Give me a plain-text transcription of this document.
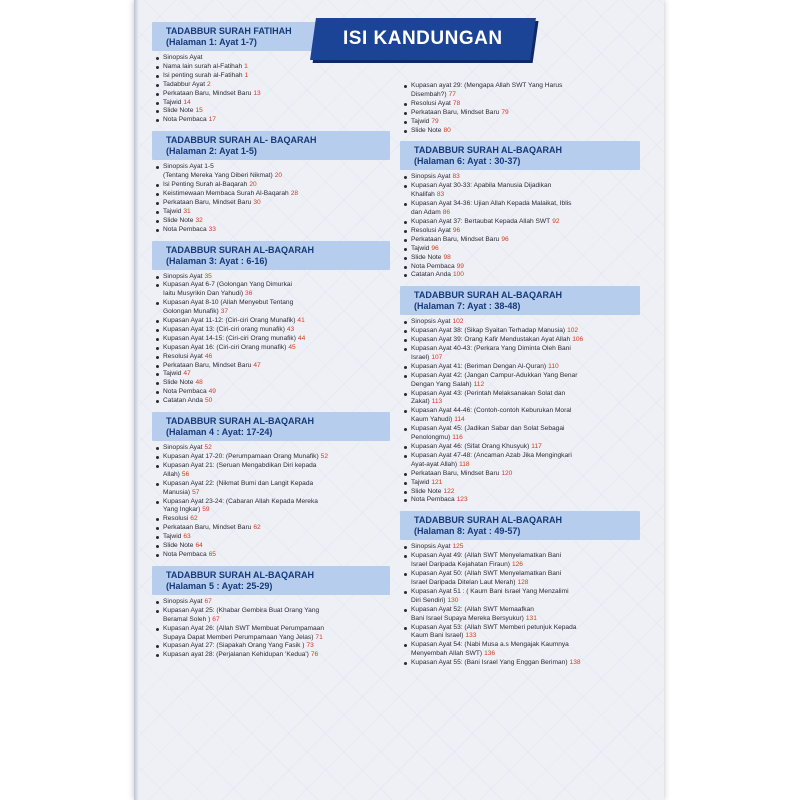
TADABBUR SURAH FATIHAH
(Halaman 1: Ayat 1-7)
Sinopsis Ayat
Nama lain surah al-Fatihah 1
Isi penting surah al-Fatihah 1
Tadabbur Ayat 2
Perkataan Baru, Mindset Baru 13
Tajwid 14
Slide Note 15
Nota Pembaca 17
TADABBUR SURAH AL- BAQARAH
(Halaman 2: Ayat 1-5)
Sinopsis Ayat 1-5
(Tentang Mereka Yang Diberi Nikmat) 20
Isi Penting Surah al-Baqarah 20
Keistimewaan Membaca Surah Al-Baqarah 28
Perkataan Baru, Mindset Baru 30
Tajwid 31
Slide Note 32
Nota Pembaca 33
TADABBUR SURAH AL-BAQARAH
(Halaman 3: Ayat : 6-16)
Sinopsis Ayat 35
Kupasan Ayat 6-7 (Golongan Yang Dimurkai
Iaitu Musyrikin Dan Yahudi) 36
Kupasan Ayat 8-10 (Allah Menyebut Tentang
Golongan Munafik) 37
Kupasan Ayat 11-12: (Ciri-ciri Orang Munafik) 41
Kupasan Ayat 13: (Ciri-ciri orang munafik) 43
Kupasan Ayat 14-15: (Ciri-ciri Orang munafik) 44
Kupasan Ayat 16: (Ciri-ciri Orang munafik) 45
Resolusi Ayat 46
Perkataan Baru, Mindset Baru 47
Tajwid 47
Slide Note 48
Nota Pembaca 49
Catatan Anda 50
TADABBUR SURAH AL-BAQARAH
(Halaman 4 : Ayat: 17-24)
Sinopsis Ayat 52
Kupasan Ayat 17-20: (Perumpamaan Orang Munafik) 52
Kupasan Ayat 21: (Seruan Mengabdikan Diri kepada
Allah) 56
Kupasan Ayat 22: (Nikmat Bumi dan Langit Kepada
Manusia) 57
Kupasan Ayat 23-24: (Cabaran Allah Kepada Mereka
Yang Ingkar) 59
Resolusi 62
Perkataan Baru, Mindset Baru 62
Tajwid 63
Slide Note 64
Nota Pembaca 65
TADABBUR SURAH AL-BAQARAH
(Halaman 5 : Ayat: 25-29)
Sinopsis Ayat 67
Kupasan Ayat 25: (Khabar Gembira Buat Orang Yang
Beramal Soleh ) 67
Kupasan Ayat 26: (Allah SWT Membuat Perumpamaan
Supaya Dapat Memberi Perumpamaan Yang Jelas) 71
Kupasan Ayat 27: (Siapakah Orang Yang Fasik ) 73
Kupasan ayat 28: (Perjalanan Kehidupan 'Kedua') 76
Kupasan ayat 29: (Mengapa Allah SWT Yang Harus
Disembah?) 77
Resolusi Ayat 78
Perkataan Baru, Mindset Baru 79
Tajwid 79
Slide Note 80
TADABBUR SURAH AL-BAQARAH
(Halaman 6: Ayat : 30-37)
Sinopsis Ayat 83
Kupasan Ayat 30-33: Apabila Manusia Dijadikan
Khalifah 83
Kupasan Ayat 34-36: Ujian Allah Kepada Malaikat, Iblis
dan Adam 86
Kupasan Ayat 37: Bertaubat Kepada Allah SWT 92
Resolusi Ayat 96
Perkataan Baru, Mindset Baru 96
Tajwid 96
Slide Note 98
Nota Pembaca 99
Catatan Anda 100
TADABBUR SURAH AL-BAQARAH
(Halaman 7: Ayat : 38-48)
Sinopsis Ayat 102
Kupasan Ayat 38: (Sikap Syaitan Terhadap Manusia) 102
Kupasan Ayat 39: Orang Kafir Mendustakan Ayat Allah 106
Kupasan Ayat 40-43: (Perkara Yang Diminta Oleh Bani
Israel) 107
Kupasan Ayat 41: (Beriman Dengan Al-Quran) 110
Kupasan Ayat 42: (Jangan Campur-Adukkan Yang Benar
Dengan Yang Salah) 112
Kupasan Ayat 43: (Perintah Melaksanakan Solat dan
Zakat) 113
Kupasan Ayat 44-46: (Contoh-contoh Keburukan Moral
Kaum Yahudi) 114
Kupasan Ayat 45: (Jadikan Sabar dan Solat Sebagai
Penolongmu) 116
Kupasan Ayat 46: (Sifat Orang Khusyuk) 117
Kupasan Ayat 47-48: (Ancaman Azab Jika Mengingkari
Ayat-ayat Allah) 118
Perkataan Baru, Mindset Baru 120
Tajwid 121
Slide Note 122
Nota Pembaca 123
TADABBUR SURAH AL-BAQARAH
(Halaman 8: Ayat : 49-57)
Sinopsis Ayat 125
Kupasan Ayat 49: (Allah SWT Menyelamatkan Bani
Israel Daripada Kejahatan Firaun) 126
Kupasan Ayat 50: (Allah SWT Menyelamatkan Bani
Israel Daripada Ditelan Laut Merah) 128
Kupasan Ayat 51 : ( Kaum Bani Israel Yang Menzalimi
Diri Sendiri) 130
Kupasan Ayat 52: (Allah SWT Memaafkan
Bani Israel Supaya Mereka Bersyukur) 131
Kupasan Ayat 53: (Allah SWT Memberi petunjuk Kepada
Kaum Bani Israel) 133
Kupasan Ayat 54: (Nabi Musa a.s Mengajak Kaumnya
Menyembah Allah SWT) 136
Kupasan Ayat 55: (Bani Israel Yang Enggan Beriman) 138
ISI KANDUNGAN
